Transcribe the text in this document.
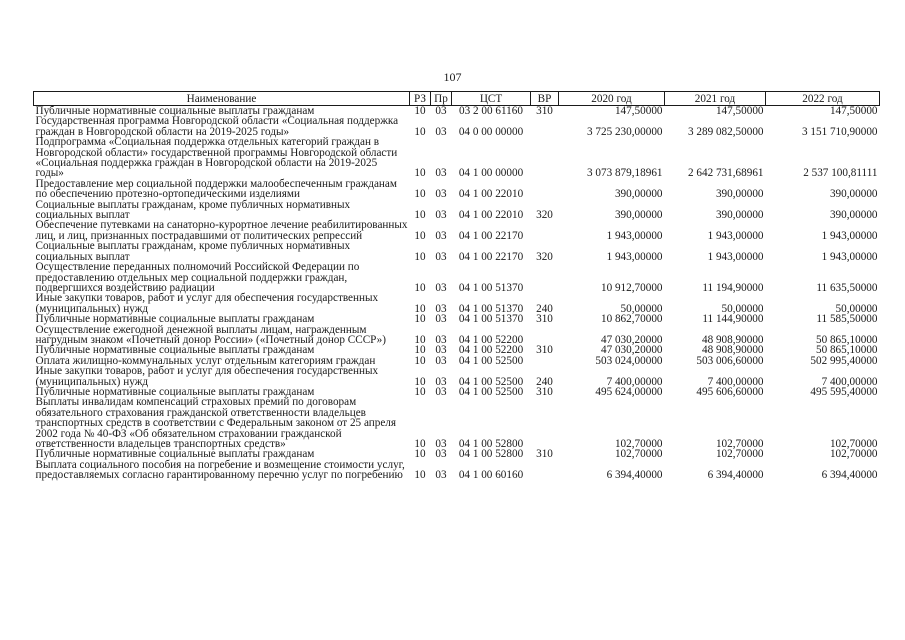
107
Наименование	РЗ	Пр	ЦСТ	ВР	2020 год	2021 год	2022 год
Публичные нормативные социальные выплаты гражданам	10	03	03 2 00 61160	310	147,50000	147,50000	147,50000
Государственная программа Новгородской области «Социальная поддержка граждан в Новгородской области на 2019-2025 годы»	10	03	04 0 00 00000		3 725 230,00000	3 289 082,50000	3 151 710,90000
Подпрограмма «Социальная поддержка отдельных категорий граждан в Новгородской области» государственной программы Новгородской области «Социальная поддержка граждан в Новгородской области на 2019-2025 годы»	10	03	04 1 00 00000		3 073 879,18961	2 642 731,68961	2 537 100,81111
Предоставление мер социальной поддержки малообеспеченным гражданам по обеспечению протезно-ортопедическими изделиями	10	03	04 1 00 22010		390,00000	390,00000	390,00000
Социальные выплаты гражданам, кроме публичных нормативных социальных выплат	10	03	04 1 00 22010	320	390,00000	390,00000	390,00000
Обеспечение путевками на санаторно-курортное лечение реабилитированных лиц, и лиц, признанных пострадавшими от политических репрессий	10	03	04 1 00 22170		1 943,00000	1 943,00000	1 943,00000
Социальные выплаты гражданам, кроме публичных нормативных социальных выплат	10	03	04 1 00 22170	320	1 943,00000	1 943,00000	1 943,00000
Осуществление переданных полномочий Российской Федерации по предоставлению отдельных мер социальной поддержки граждан, подвергшихся воздействию радиации	10	03	04 1 00 51370		10 912,70000	11 194,90000	11 635,50000
Иные закупки товаров, работ и услуг для обеспечения государственных (муниципальных) нужд	10	03	04 1 00 51370	240	50,00000	50,00000	50,00000
Публичные нормативные социальные выплаты гражданам	10	03	04 1 00 51370	310	10 862,70000	11 144,90000	11 585,50000
Осуществление ежегодной денежной выплаты лицам, награжденным нагрудным знаком «Почетный донор России» («Почетный донор СССР»)	10	03	04 1 00 52200		47 030,20000	48 908,90000	50 865,10000
Публичные нормативные социальные выплаты гражданам	10	03	04 1 00 52200	310	47 030,20000	48 908,90000	50 865,10000
Оплата жилищно-коммунальных услуг отдельным категориям граждан	10	03	04 1 00 52500		503 024,00000	503 006,60000	502 995,40000
Иные закупки товаров, работ и услуг для обеспечения государственных (муниципальных) нужд	10	03	04 1 00 52500	240	7 400,00000	7 400,00000	7 400,00000
Публичные нормативные социальные выплаты гражданам	10	03	04 1 00 52500	310	495 624,00000	495 606,60000	495 595,40000
Выплаты инвалидам компенсаций страховых премий по договорам обязательного страхования гражданской ответственности владельцев транспортных средств в соответствии с Федеральным законом от 25 апреля 2002 года № 40-ФЗ «Об обязательном страховании гражданской ответственности владельцев транспортных средств»	10	03	04 1 00 52800		102,70000	102,70000	102,70000
Публичные нормативные социальные выплаты гражданам	10	03	04 1 00 52800	310	102,70000	102,70000	102,70000
Выплата социального пособия на погребение и возмещение стоимости услуг, предоставляемых согласно гарантированному перечню услуг по погребению	10	03	04 1 00 60160		6 394,40000	6 394,40000	6 394,40000
